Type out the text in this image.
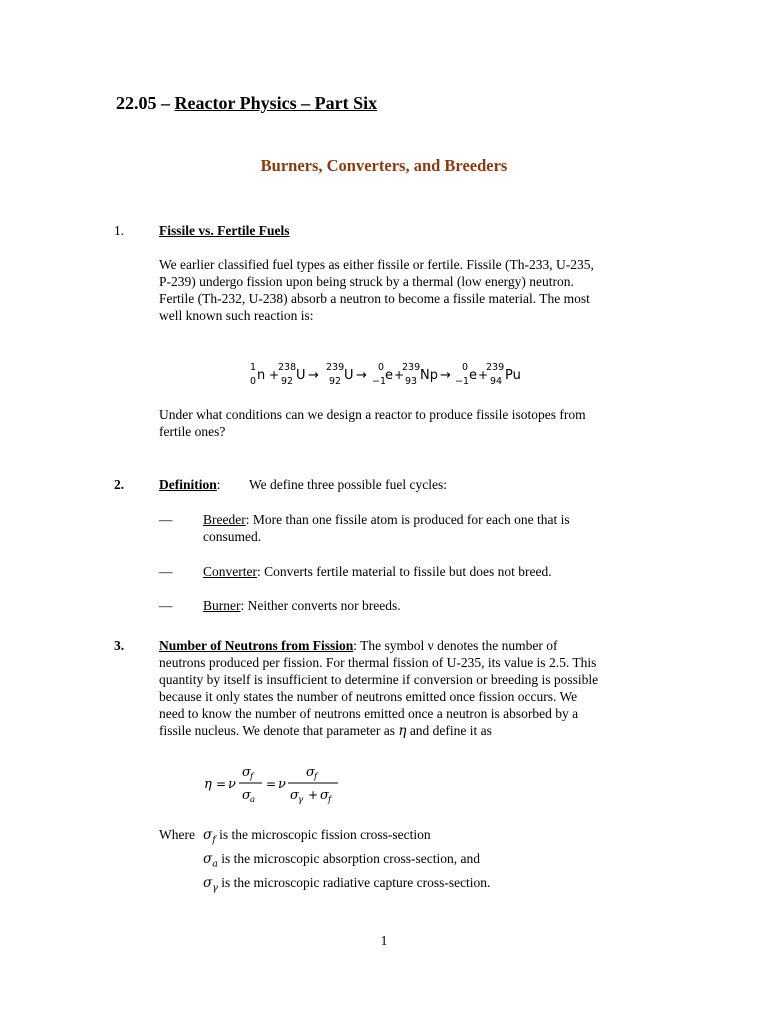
22.05 – Reactor Physics – Part Six
Burners, Converters, and Breeders
1.	Fissile vs. Fertile Fuels
We earlier classified fuel types as either fissile or fertile. Fissile (Th-233, U-235,
P-239) undergo fission upon being struck by a thermal (low energy) neutron.
Fertile (Th-232, U-238) absorb a neutron to become a fissile material. The most
well known such reaction is:
1
0 n +
238
92 U →
239
92 U →
0
−1
e +
239
93 Np →
0
−1 e +
239
94 Pu
Under what conditions can we design a reactor to produce fissile isotopes from
fertile ones?
2.	Definition: We define three possible fuel cycles:
— Breeder: More than one fissile atom is produced for each one that is
consumed.
— Converter: Converts fertile material to fissile but does not breed.
— Burner: Neither converts nor breeds.
3.	Number of Neutrons from Fission: The symbol ν denotes the number of
neutrons produced per fission. For thermal fission of U-235, its value is 2.5. This
quantity by itself is insufficient to determine if conversion or breeding is possible
because it only states the number of neutrons emitted once fission occurs. We
need to know the number of neutrons emitted once a neutron is absorbed by a
fissile nucleus. We denote that parameter as η and define it as
η = ν
σ f
σ a
= ν
σ f
σ γ + σ f
Where $\sigma_f$ is the microscopic fission cross-section
$\sigma_a$ is the microscopic absorption cross-section, and
$\sigma_\gamma$ is the microscopic radiative capture cross-section.
1
